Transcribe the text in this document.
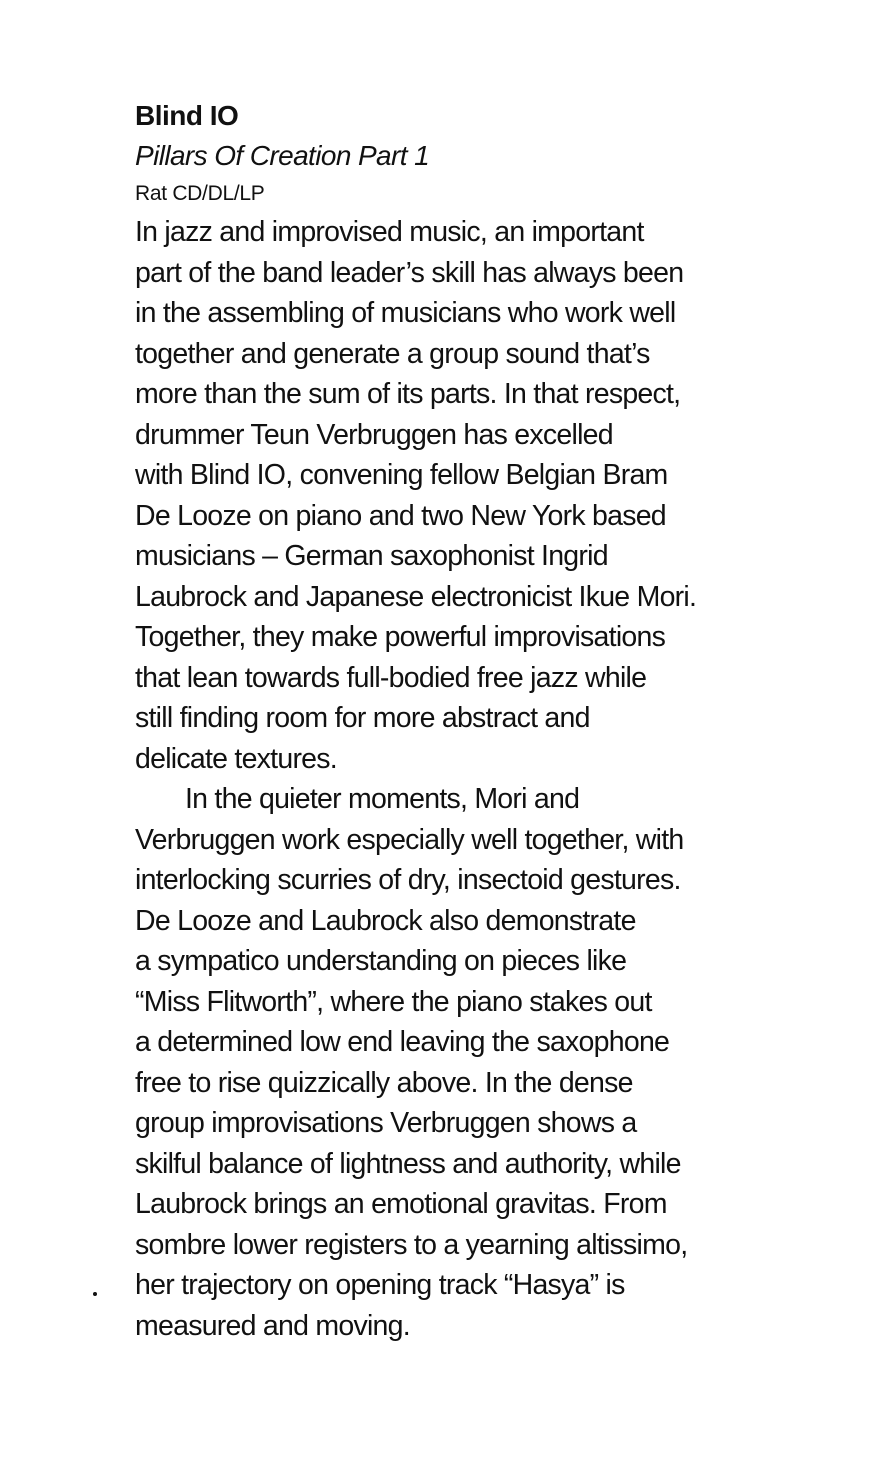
Blind IO
Pillars Of Creation Part 1
Rat CD/DL/LP
In jazz and improvised music, an important
part of the band leader’s skill has always been
in the assembling of musicians who work well
together and generate a group sound that’s
more than the sum of its parts. In that respect,
drummer Teun Verbruggen has excelled
with Blind IO, convening fellow Belgian Bram
De Looze on piano and two New York based
musicians – German saxophonist Ingrid
Laubrock and Japanese electronicist Ikue Mori.
Together, they make powerful improvisations
that lean towards full-bodied free jazz while
still finding room for more abstract and
delicate textures.
In the quieter moments, Mori and
Verbruggen work especially well together, with
interlocking scurries of dry, insectoid gestures.
De Looze and Laubrock also demonstrate
a sympatico understanding on pieces like
“Miss Flitworth”, where the piano stakes out
a determined low end leaving the saxophone
free to rise quizzically above. In the dense
group improvisations Verbruggen shows a
skilful balance of lightness and authority, while
Laubrock brings an emotional gravitas. From
sombre lower registers to a yearning altissimo,
her trajectory on opening track “Hasya” is
measured and moving.
